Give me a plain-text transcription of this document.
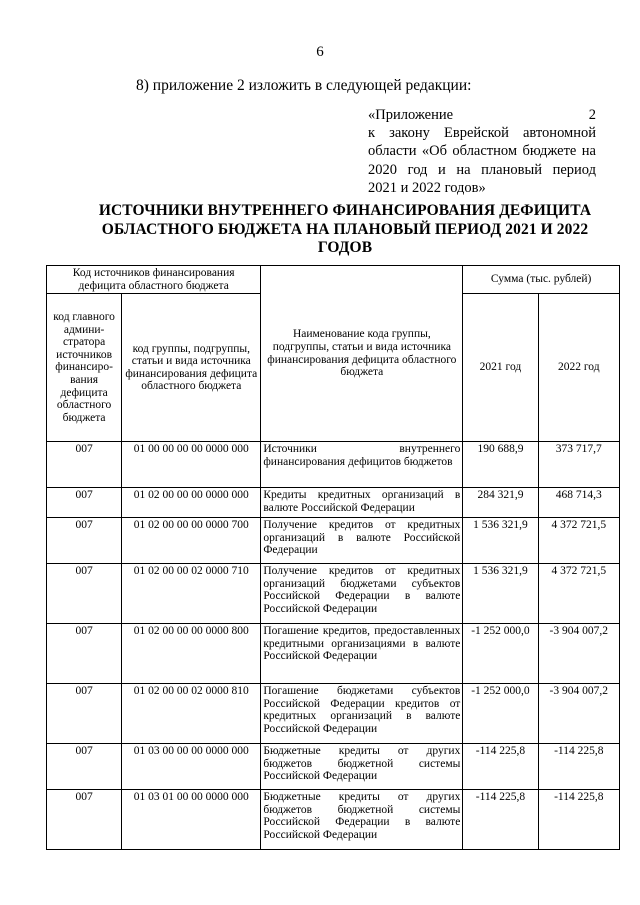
6
8) приложение 2 изложить в следующей редакции:
«Приложение 2
к закону Еврейской автономной
области «Об областном бюджете на
2020 год и на плановый период
2021 и 2022 годов»
ИСТОЧНИКИ ВНУТРЕННЕГО ФИНАНСИРОВАНИЯ ДЕФИЦИТА
ОБЛАСТНОГО БЮДЖЕТА НА ПЛАНОВЫЙ ПЕРИОД 2021 И 2022
ГОДОВ
Код источников финансирования дефицита областного бюджета		Наименование кода группы, подгруппы, статьи и вида источника финансирования дефицита областного бюджета	Сумма (тыс. рублей)	
код главного админи-стратора источников финансиро-вания дефицита областного бюджета	код группы, подгруппы, статьи и вида источника финансирования дефицита областного бюджета		2021 год	2022 год
007	01 00 00 00 00 0000 000	Источники внутреннего финансирования дефицитов бюджетов	190 688,9	373 717,7
007	01 02 00 00 00 0000 000	Кредиты кредитных организаций в валюте Российской Федерации	284 321,9	468 714,3
007	01 02 00 00 00 0000 700	Получение кредитов от кредитных организаций в валюте Российской Федерации	1 536 321,9	4 372 721,5
007	01 02 00 00 02 0000 710	Получение кредитов от кредитных организаций бюджетами субъектов Российской Федерации в валюте Российской Федерации	1 536 321,9	4 372 721,5
007	01 02 00 00 00 0000 800	Погашение кредитов, предоставленных кредитными организациями в валюте Российской Федерации	-1 252 000,0	-3 904 007,2
007	01 02 00 00 02 0000 810	Погашение бюджетами субъектов Российской Федерации кредитов от кредитных организаций в валюте Российской Федерации	-1 252 000,0	-3 904 007,2
007	01 03 00 00 00 0000 000	Бюджетные кредиты от других бюджетов бюджетной системы Российской Федерации	-114 225,8	-114 225,8
007	01 03 01 00 00 0000 000	Бюджетные кредиты от других бюджетов бюджетной системы Российской Федерации в валюте Российской Федерации	-114 225,8	-114 225,8
